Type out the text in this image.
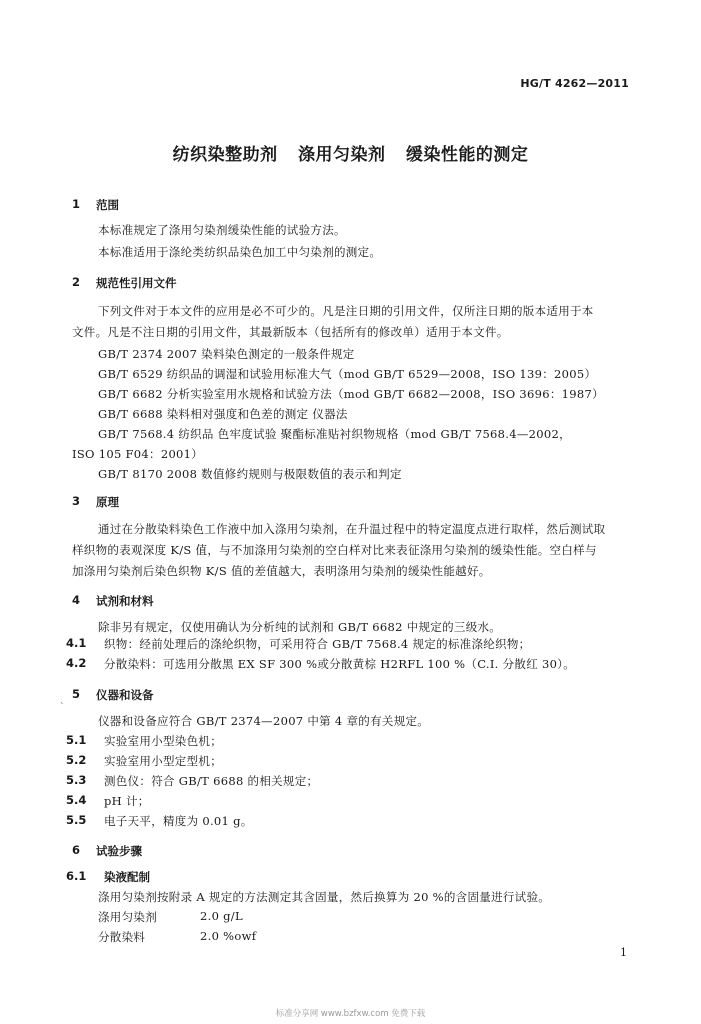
HG/T 4262—2011
纺织染整助剂 涤用匀染剂 缓染性能的测定
1 范围
本标准规定了涤用匀染剂缓染性能的试验方法。
本标准适用于涤纶类纺织品染色加工中匀染剂的测定。
2 规范性引用文件
下列文件对于本文件的应用是必不可少的。凡是注日期的引用文件，仅所注日期的版本适用于本
文件。凡是不注日期的引用文件，其最新版本（包括所有的修改单）适用于本文件。
GB/T 2374 2007 染料染色测定的一般条件规定
GB/T 6529 纺织品的调湿和试验用标准大气（mod GB/T 6529—2008，ISO 139：2005）
GB/T 6682 分析实验室用水规格和试验方法（mod GB/T 6682—2008，ISO 3696：1987）
GB/T 6688 染料相对强度和色差的测定 仪器法
GB/T 7568.4 纺织品 色牢度试验 聚酯标准贴衬织物规格（mod GB/T 7568.4—2002，
ISO 105 F04：2001）
GB/T 8170 2008 数值修约规则与极限数值的表示和判定
3 原理
通过在分散染料染色工作液中加入涤用匀染剂，在升温过程中的特定温度点进行取样，然后测试取
样织物的表观深度 K/S 值，与不加涤用匀染剂的空白样对比来表征涤用匀染剂的缓染性能。空白样与
加涤用匀染剂后染色织物 K/S 值的差值越大，表明涤用匀染剂的缓染性能越好。
4 试剂和材料
除非另有规定，仅使用确认为分析纯的试剂和 GB/T 6682 中规定的三级水。
4.1 织物：经前处理后的涤纶织物，可采用符合 GB/T 7568.4 规定的标准涤纶织物；
4.2 分散染料：可选用分散黑 EX SF 300 %或分散黄棕 H2RFL 100 %（C.I. 分散红 30）。
5 仪器和设备
`
仪器和设备应符合 GB/T 2374—2007 中第 4 章的有关规定。
5.1 实验室用小型染色机；
5.2 实验室用小型定型机；
5.3 测色仪：符合 GB/T 6688 的相关规定；
5.4 pH 计；
5.5 电子天平，精度为 0.01 g。
6 试验步骤
6.1 染液配制
涤用匀染剂按附录 A 规定的方法测定其含固量，然后换算为 20 %的含固量进行试验。
涤用匀染剂	2.0 g/L
分散染料	2.0 %owf
1
标准分享网 www.bzfxw.com 免费下载
